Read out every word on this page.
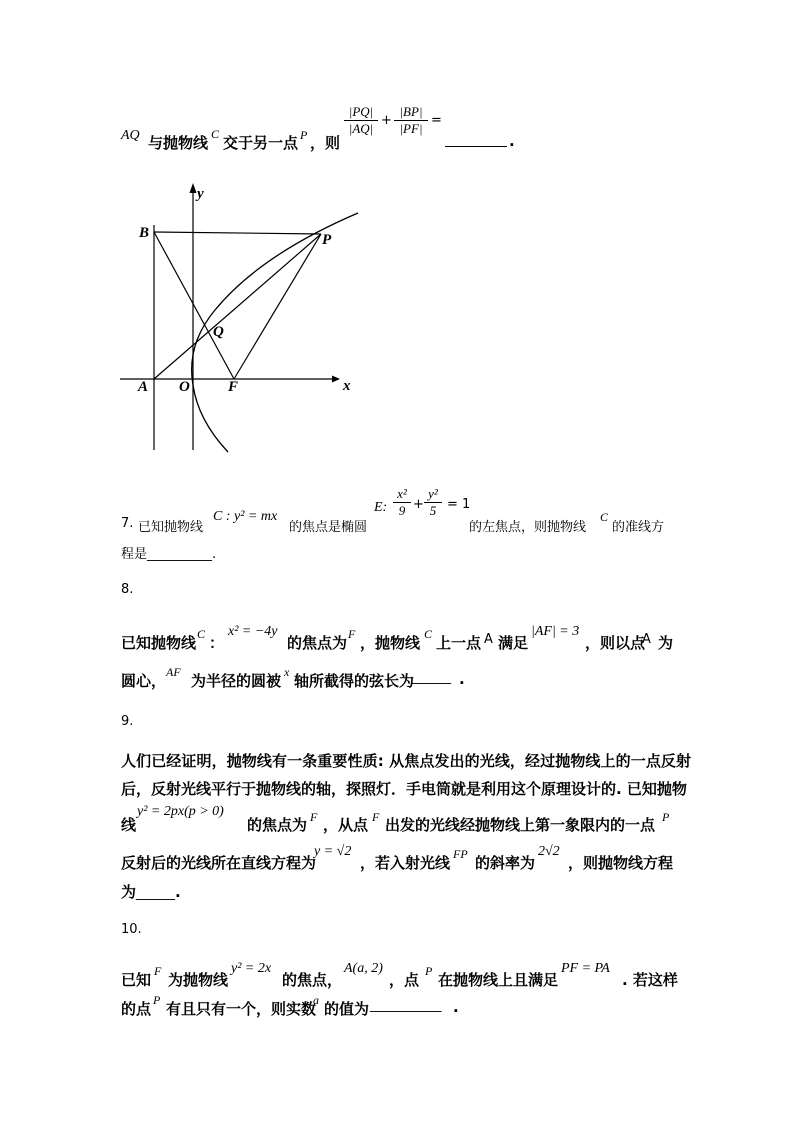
AQ 与抛物线 C 交于另一点 P ，则
|PQ|
|AQ|
+
|BP|
|PF|
=
.
y
x
B	P
Q
A O	F
7. 已知抛物线
C : y² = mx
的焦点是椭圆
E:
x²
9 +
y²
5 = 1
的左焦点，则抛物线
C
的准线方
程是__________.
8.
已知抛物线 C ：
x² = −4y
的焦点为 F ，抛物线 C 上一点 A 满足
|AF| = 3
，则以点
A 为
圆心， AF 为半径的圆被 x 轴所截得的弦长为
______ .
9.
人们已经证明，抛物线有一条重要性质: 从焦点发出的光线，经过抛物线上的一点反射
后，反射光线平行于抛物线的轴，探照灯．手电筒就是利用这个原理设计的. 已知抛物
线
y² = 2px(p > 0)
的焦点为 F ，从点 F 出发的光线经抛物线上第一象限内的一点 P
反射后的光线所在直线方程为
y = √2
，若入射光线 FP 的斜率为
2√2
，则抛物线方程
为______.
10.
已知 F 为抛物线
y² = 2x
的焦点，
A(a, 2)
，点 P 在抛物线上且满足
PF = PA
. 若这样
的点 P 有且只有一个，则实数
a 的值为 ___________ .
